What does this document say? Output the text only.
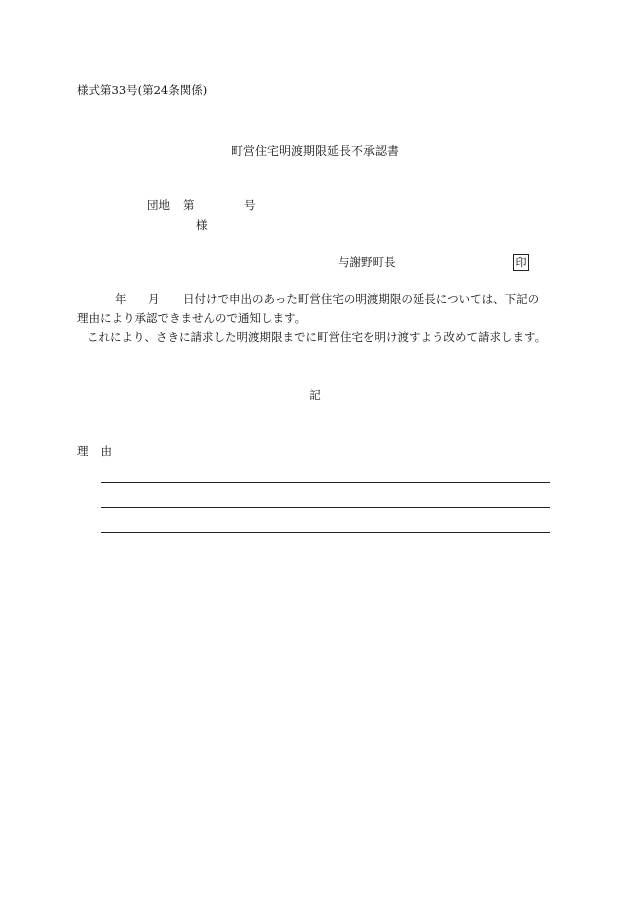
様式第33号(第24条関係)
町営住宅明渡期限延長不承認書
団地 第	号
様
与謝野町長	印
年 月 日付けで申出のあった町営住宅の明渡期限の延長については、下記の
理由により承認できませんので通知します。
これにより、さきに請求した明渡期限までに町営住宅を明け渡すよう改めて請求します。
記
理由
